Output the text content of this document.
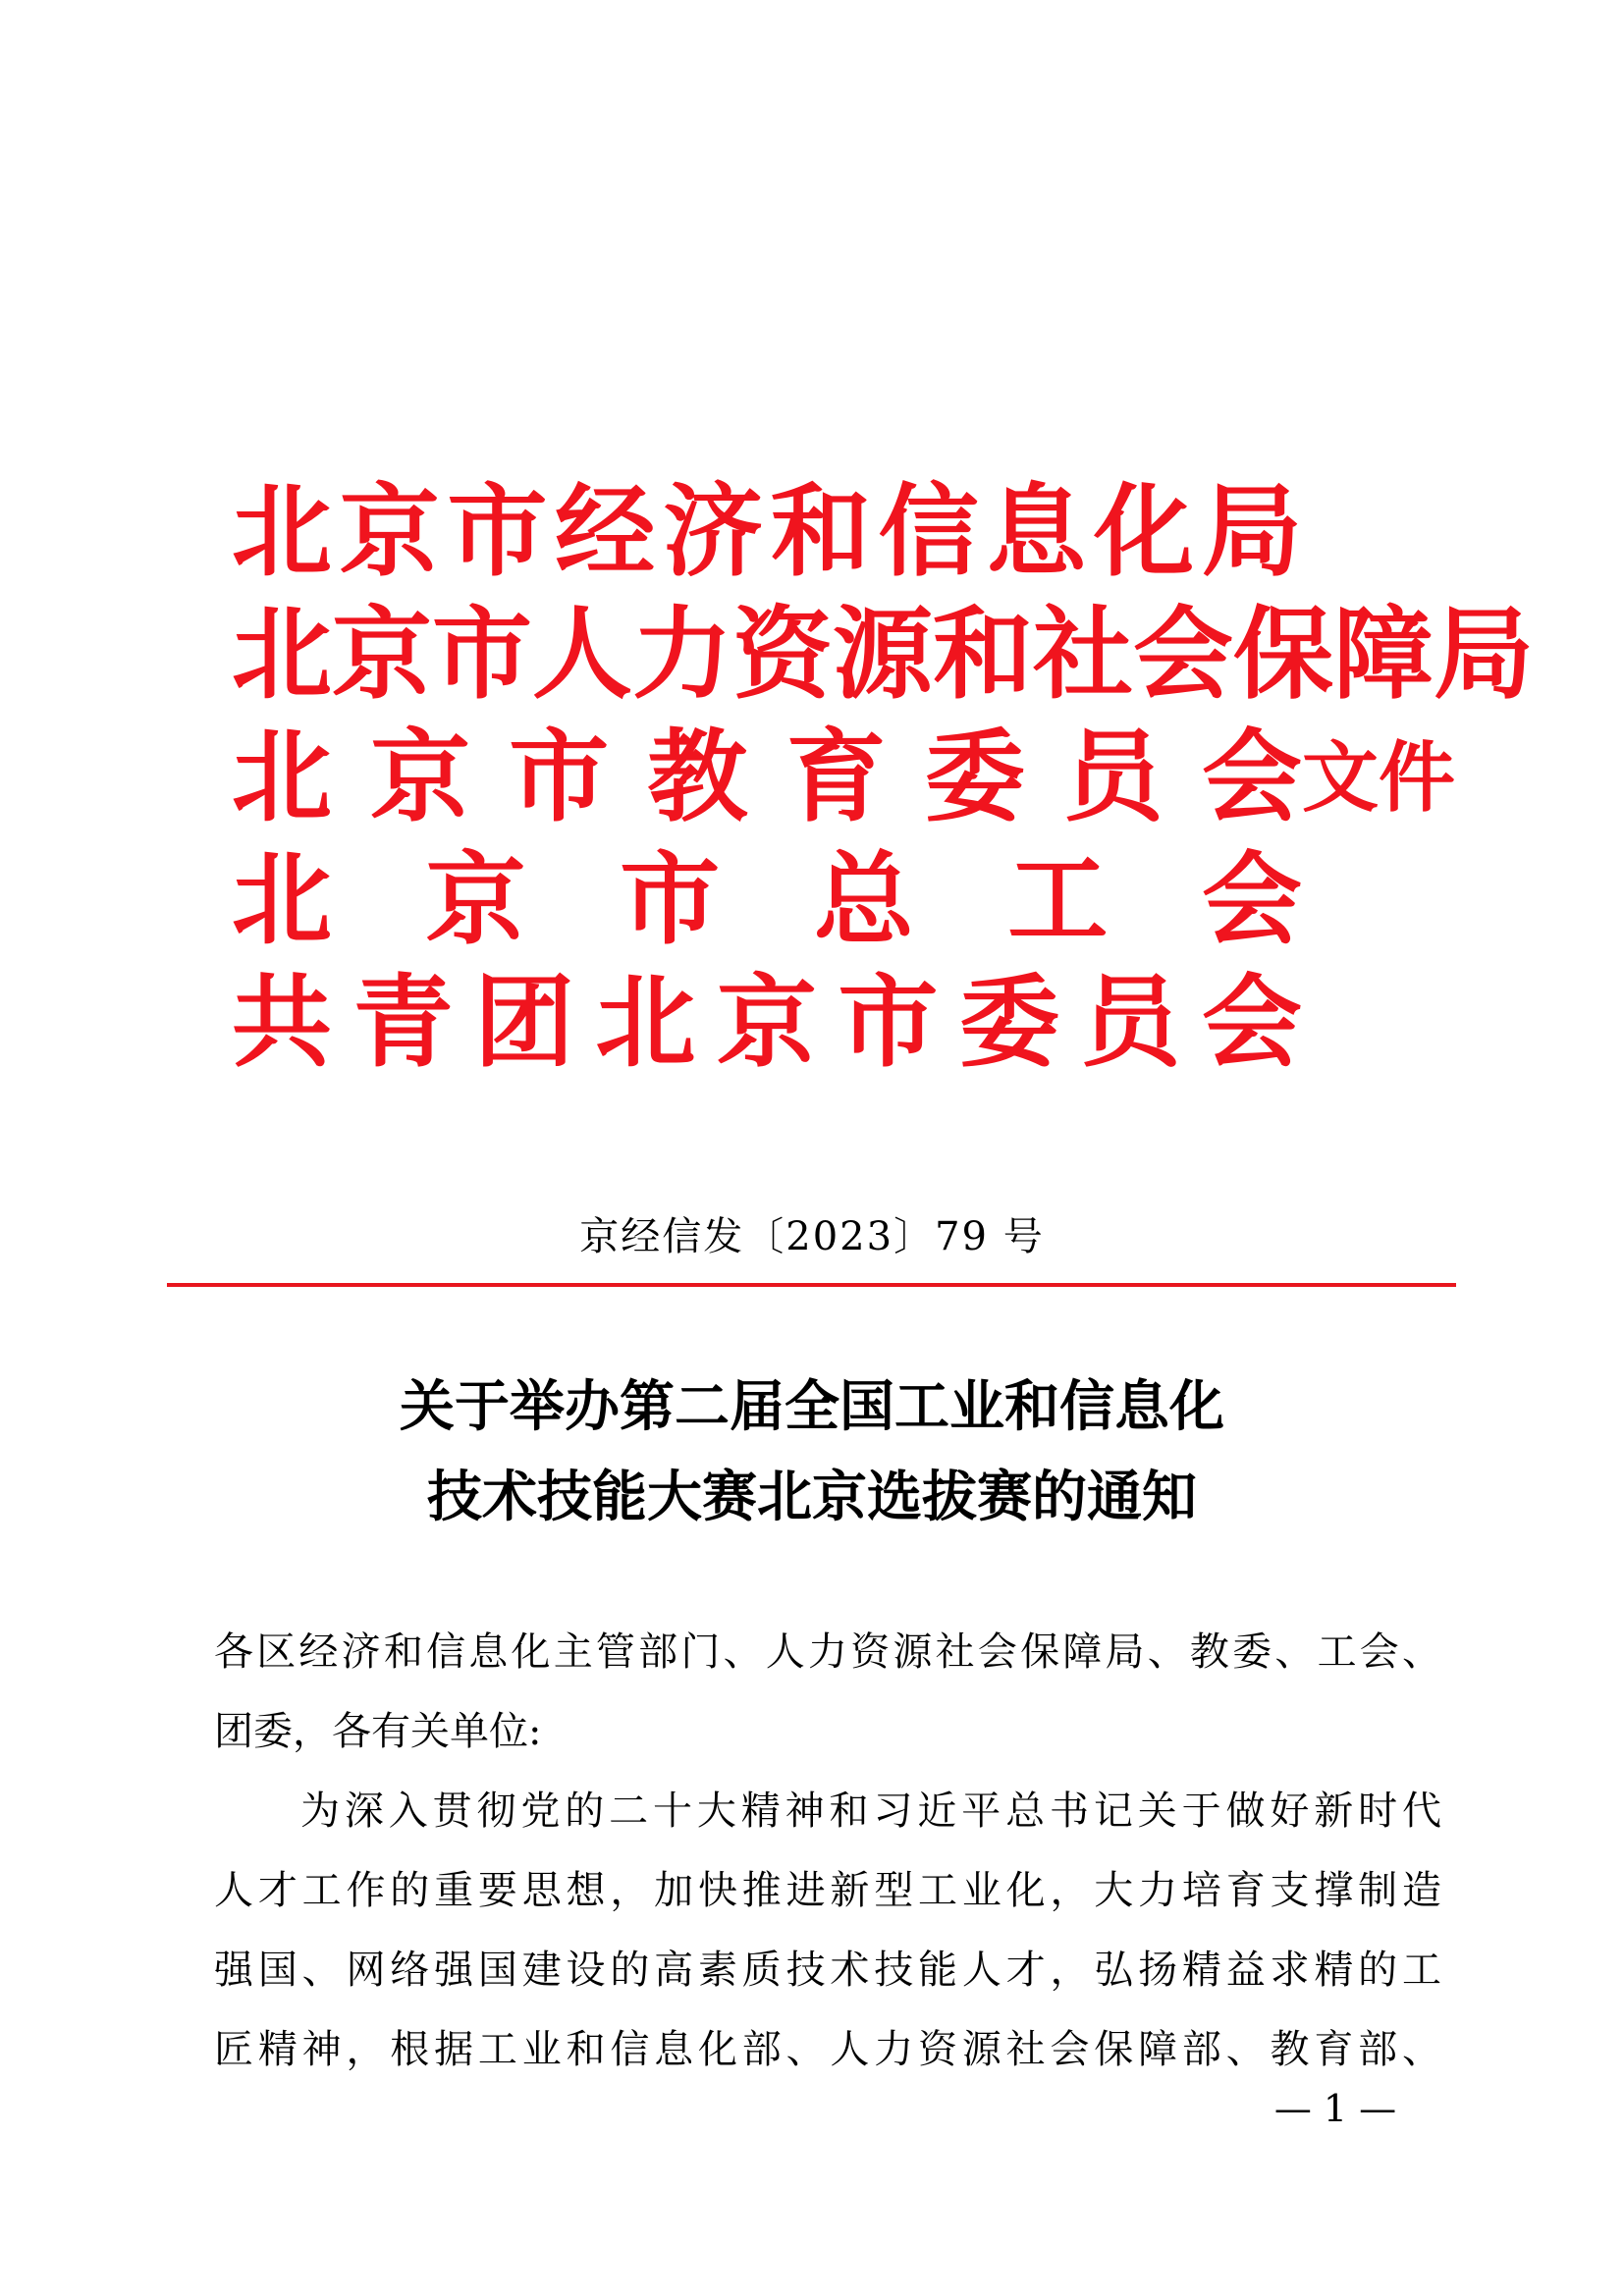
北 京 市 经 济 和 信 息 化 局
北 京 市 人 力 资 源 和 社 会 保 障 局
北 京 市 教 育 委 员 会 文件
北 京 市 总 工 会
共 青 团 北 京 市 委 员 会
京经信发〔2023〕79 号
关于举办第二届全国工业和信息化
技术技能大赛北京选拔赛的通知
各区经济和信息化主管部门、人力资源社会保障局、教委、工会、
团委，各有关单位:
为深入贯彻党的二十大精神和习近平总书记关于做好新时代
人才工作的重要思想，加快推进新型工业化，大力培育支撑制造
强国、网络强国建设的高素质技术技能人才，弘扬精益求精的工
匠精神，根据工业和信息化部、人力资源社会保障部、教育部、
— 1 —
